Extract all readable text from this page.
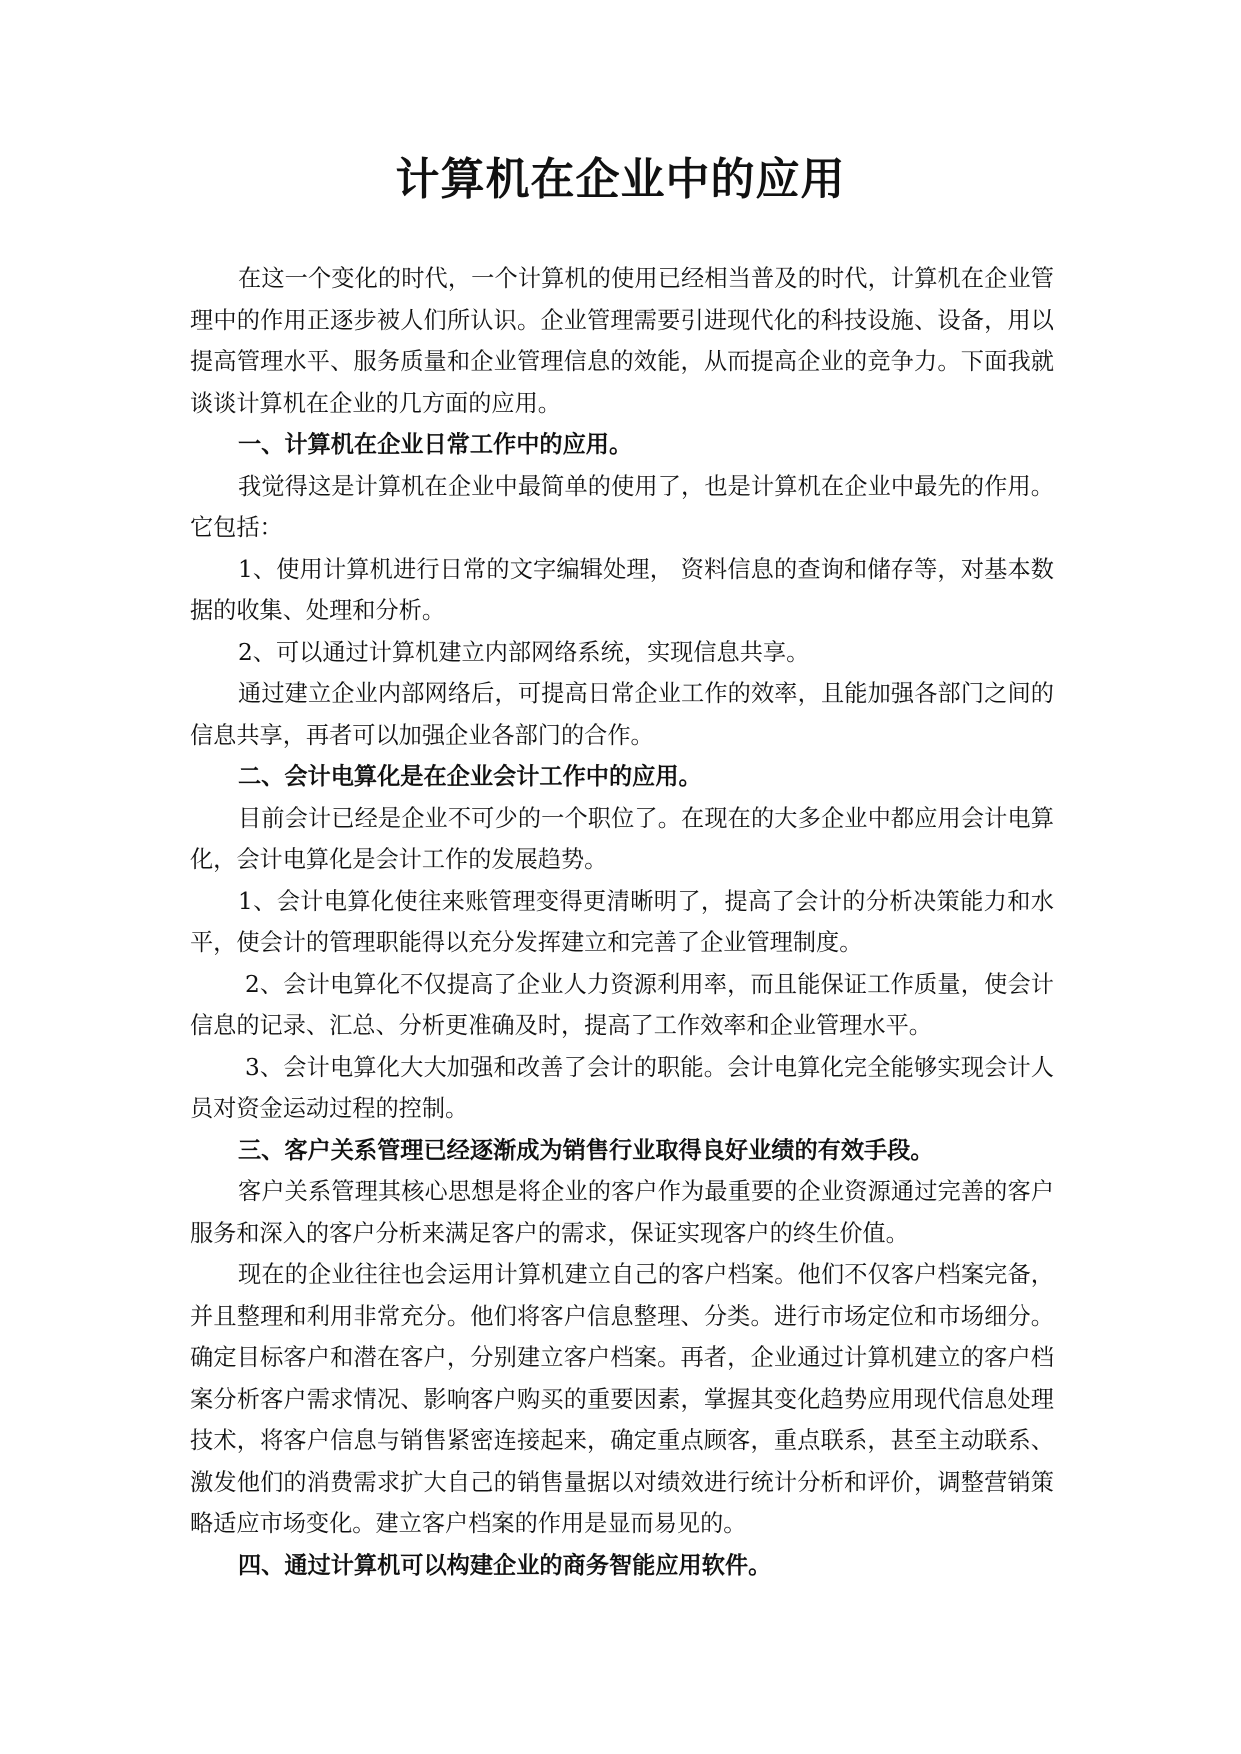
计算机在企业中的应用

在这一个变化的时代，一个计算机的使用已经相当普及的时代，计算机在企业管理中的作用正逐步被人们所认识。企业管理需要引进现代化的科技设施、设备，用以提高管理水平、服务质量和企业管理信息的效能，从而提高企业的竞争力。下面我就谈谈计算机在企业的几方面的应用。

一、计算机在企业日常工作中的应用。

我觉得这是计算机在企业中最简单的使用了，也是计算机在企业中最先的作用。它包括：

1、使用计算机进行日常的文字编辑处理， 资料信息的查询和储存等，对基本数据的收集、处理和分析。

2、可以通过计算机建立内部网络系统，实现信息共享。

通过建立企业内部网络后，可提高日常企业工作的效率，且能加强各部门之间的信息共享，再者可以加强企业各部门的合作。

二、会计电算化是在企业会计工作中的应用。

目前会计已经是企业不可少的一个职位了。在现在的大多企业中都应用会计电算化，会计电算化是会计工作的发展趋势。

1、会计电算化使往来账管理变得更清晰明了，提高了会计的分析决策能力和水平，使会计的管理职能得以充分发挥建立和完善了企业管理制度。

2、会计电算化不仅提高了企业人力资源利用率，而且能保证工作质量，使会计信息的记录、汇总、分析更准确及时，提高了工作效率和企业管理水平。

3、会计电算化大大加强和改善了会计的职能。会计电算化完全能够实现会计人员对资金运动过程的控制。

三、客户关系管理已经逐渐成为销售行业取得良好业绩的有效手段。

客户关系管理其核心思想是将企业的客户作为最重要的企业资源通过完善的客户服务和深入的客户分析来满足客户的需求，保证实现客户的终生价值。

现在的企业往往也会运用计算机建立自己的客户档案。他们不仅客户档案完备，并且整理和利用非常充分。他们将客户信息整理、分类。进行市场定位和市场细分。确定目标客户和潜在客户，分别建立客户档案。再者，企业通过计算机建立的客户档案分析客户需求情况、影响客户购买的重要因素，掌握其变化趋势应用现代信息处理技术，将客户信息与销售紧密连接起来，确定重点顾客，重点联系，甚至主动联系、激发他们的消费需求扩大自己的销售量据以对绩效进行统计分析和评价，调整营销策略适应市场变化。建立客户档案的作用是显而易见的。

四、通过计算机可以构建企业的商务智能应用软件。
